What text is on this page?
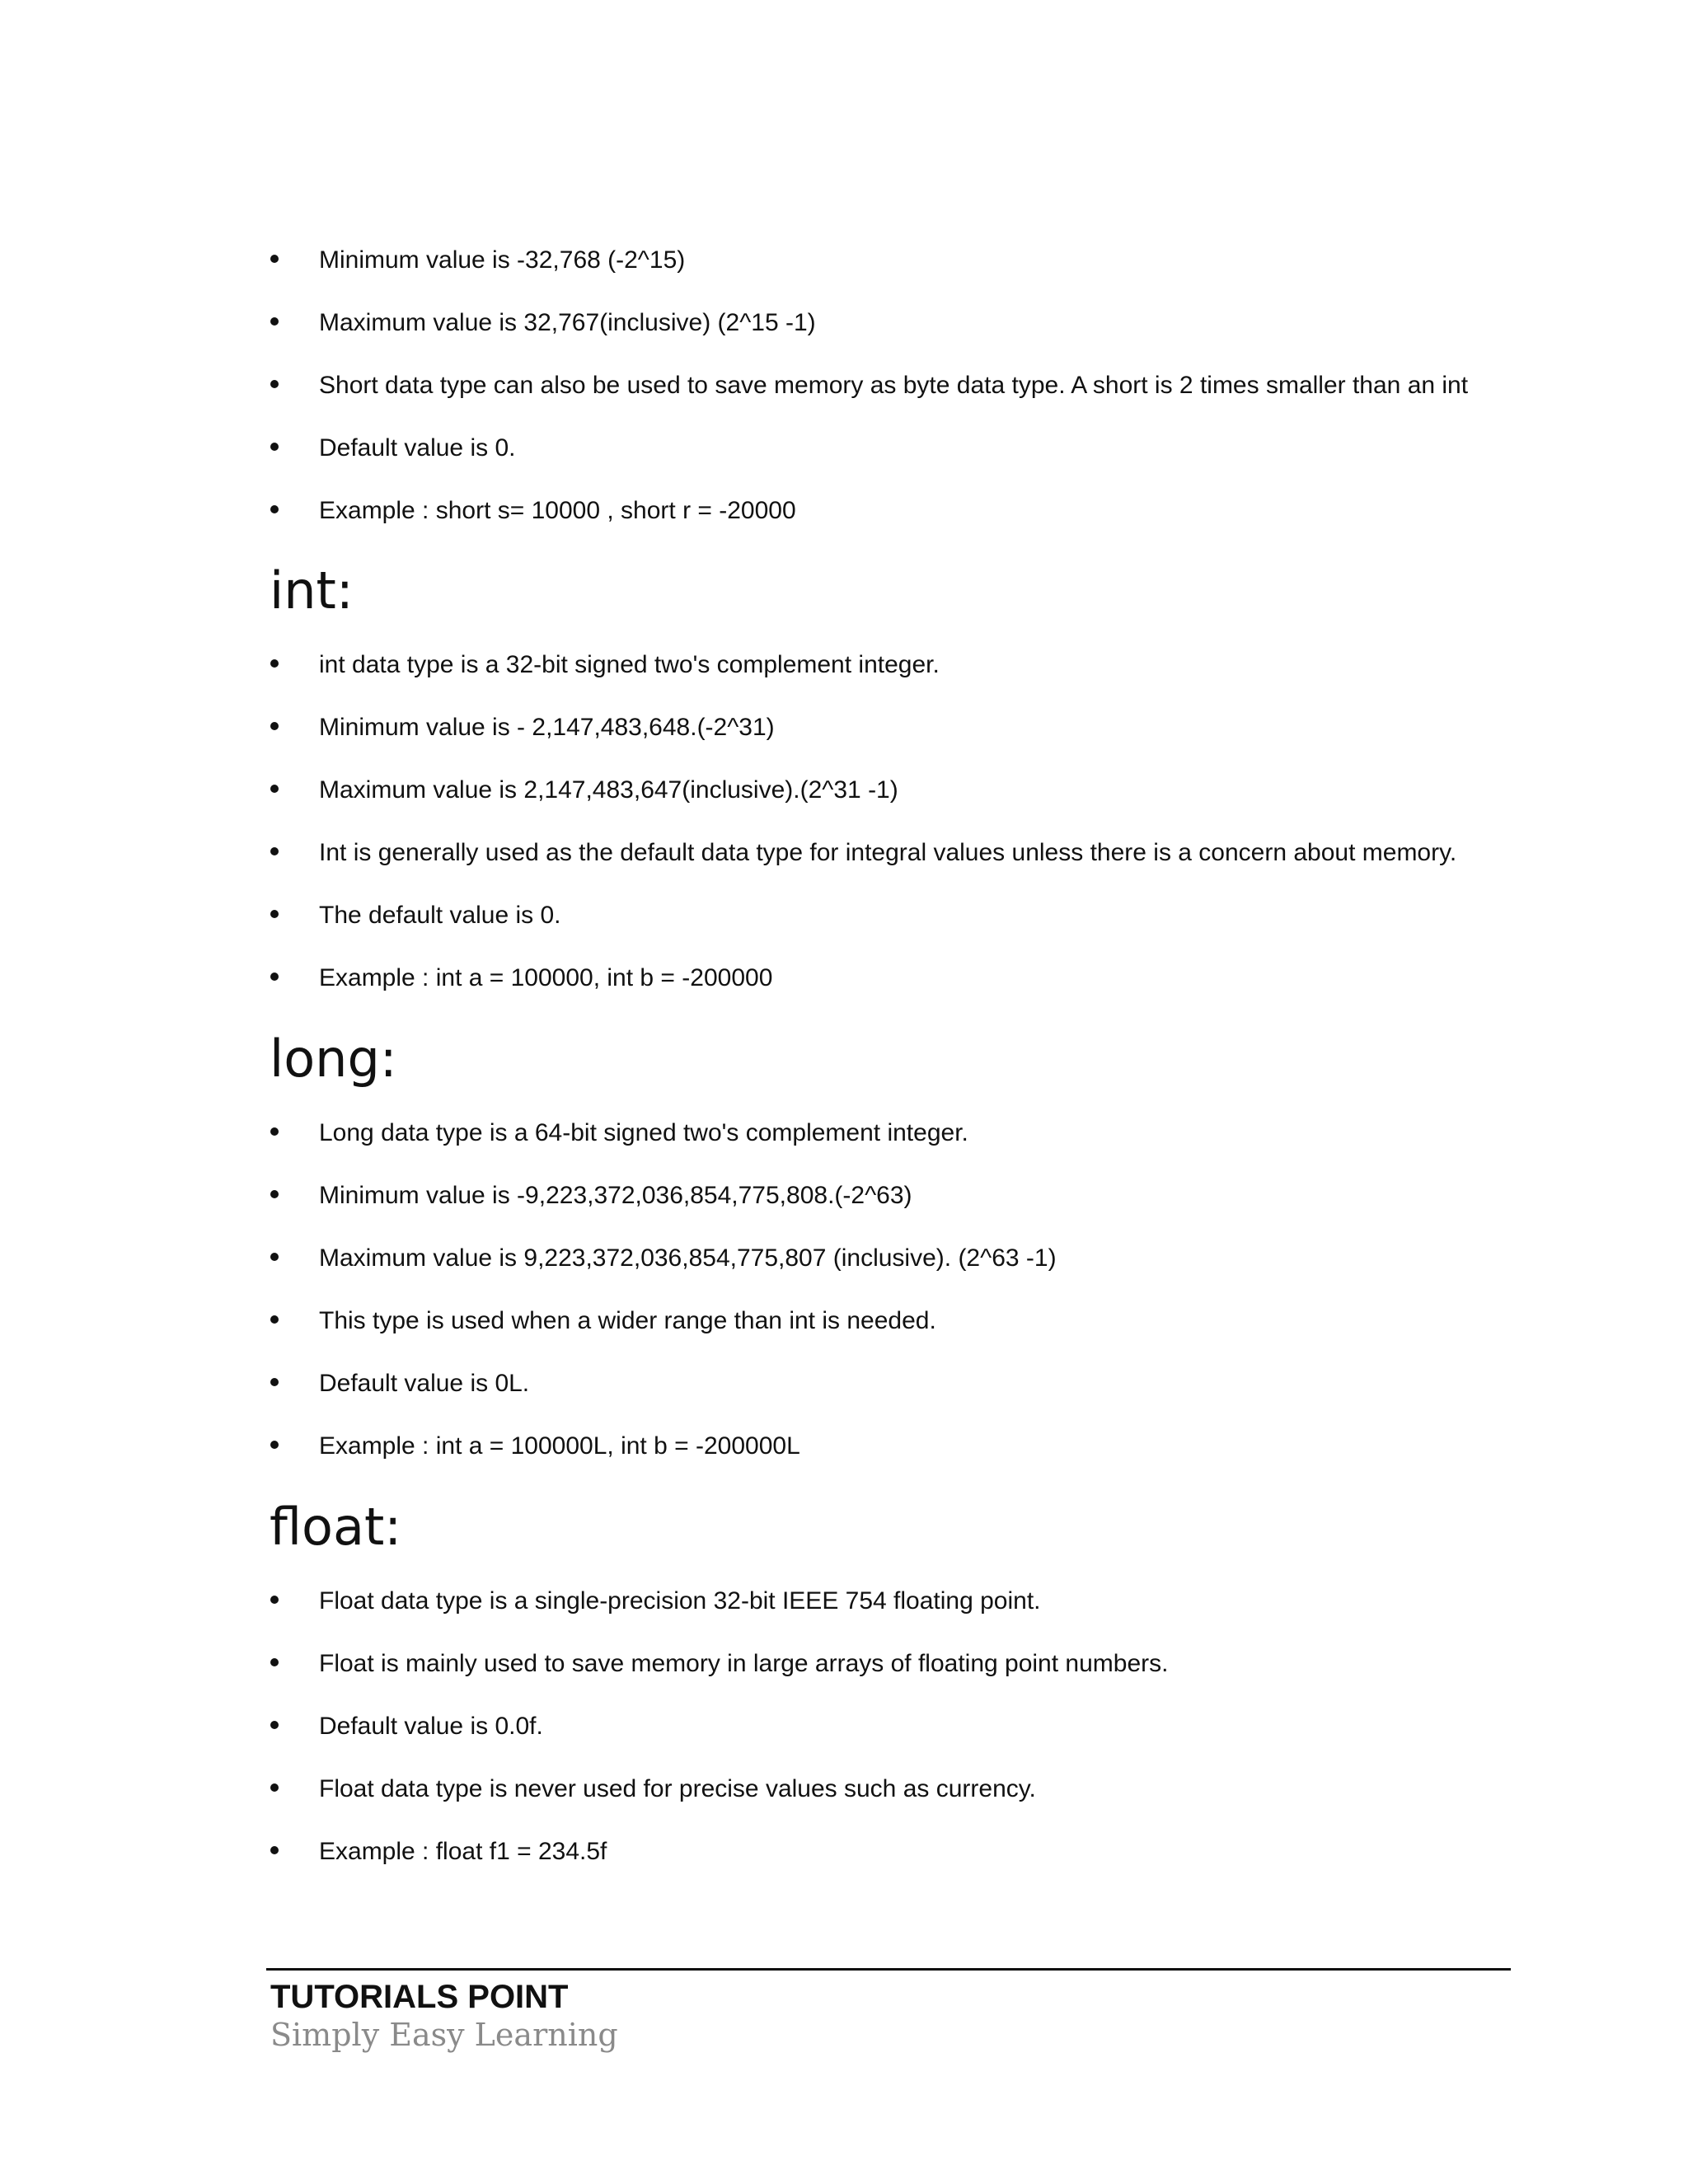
Minimum value is -32,768 (-2^15)
Maximum value is 32,767(inclusive) (2^15 -1)
Short data type can also be used to save memory as byte data type. A short is 2 times smaller than an int
Default value is 0.
Example : short s= 10000 , short r = -20000
int:
int data type is a 32-bit signed two's complement integer.
Minimum value is - 2,147,483,648.(-2^31)
Maximum value is 2,147,483,647(inclusive).(2^31 -1)
Int is generally used as the default data type for integral values unless there is a concern about memory.
The default value is 0.
Example : int a = 100000, int b = -200000
long:
Long data type is a 64-bit signed two's complement integer.
Minimum value is -9,223,372,036,854,775,808.(-2^63)
Maximum value is 9,223,372,036,854,775,807 (inclusive). (2^63 -1)
This type is used when a wider range than int is needed.
Default value is 0L.
Example : int a = 100000L, int b = -200000L
float:
Float data type is a single-precision 32-bit IEEE 754 floating point.
Float is mainly used to save memory in large arrays of floating point numbers.
Default value is 0.0f.
Float data type is never used for precise values such as currency.
Example : float f1 = 234.5f
TUTORIALS POINT
Simply Easy Learning
